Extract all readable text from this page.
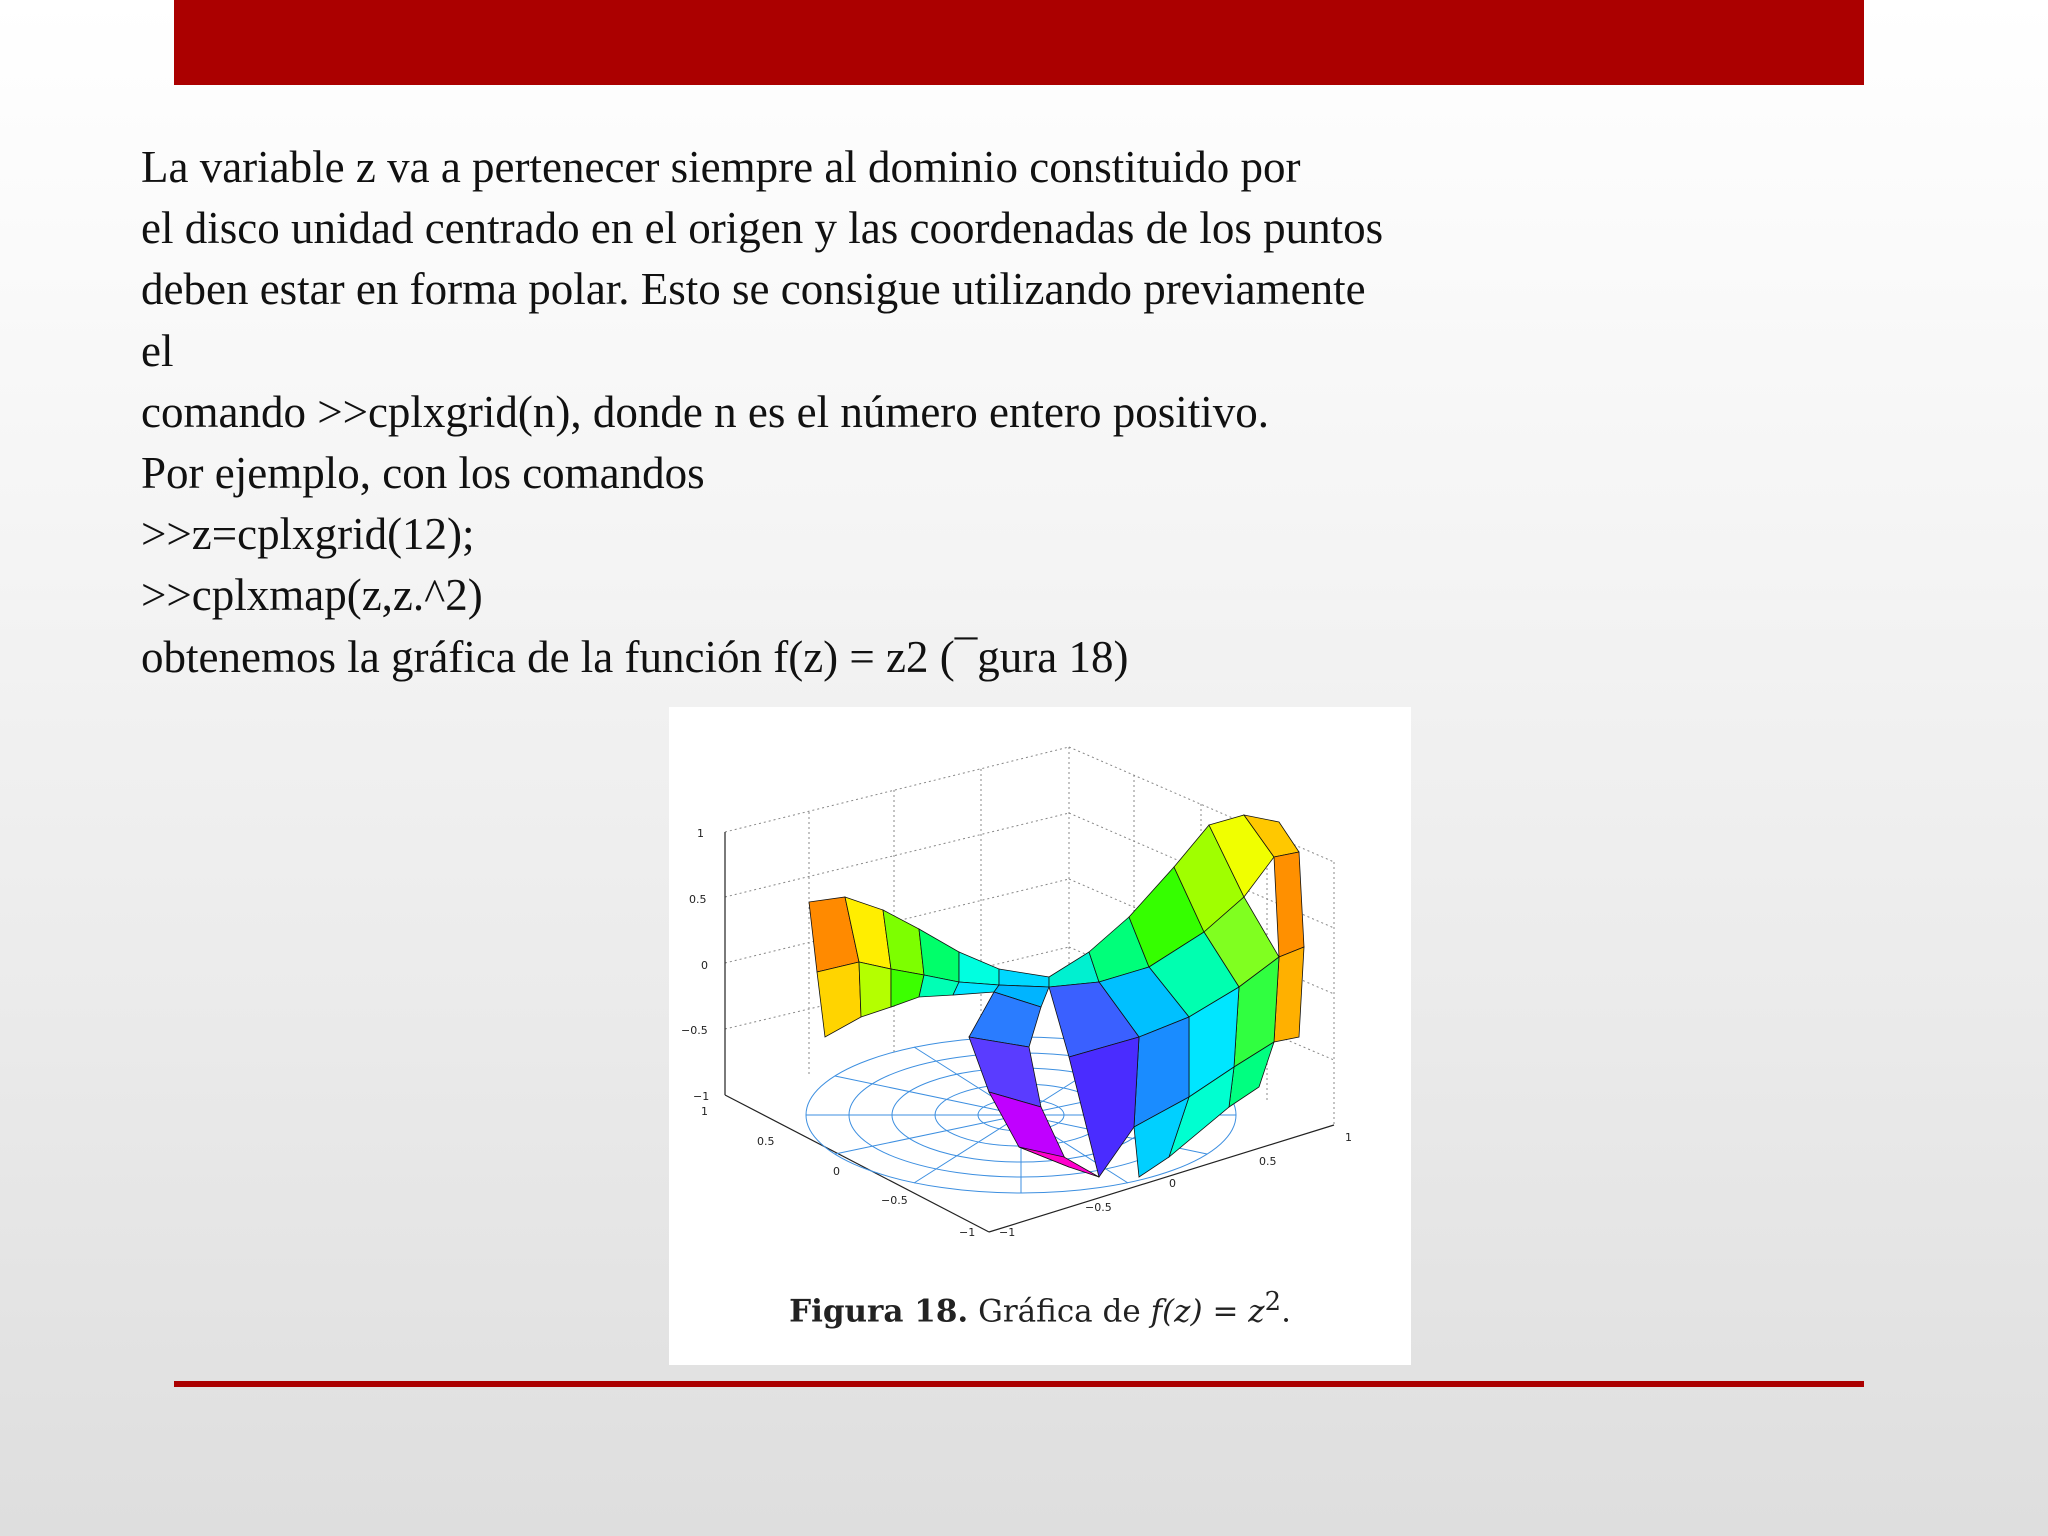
La variable z va a pertenecer siempre al dominio constituido por
el disco unidad centrado en el origen y las coordenadas de los puntos
deben estar en forma polar. Esto se consigue utilizando previamente
el
comando >>cplxgrid(n), donde n es el número entero positivo.
Por ejemplo, con los comandos
>>z=cplxgrid(12);
>>cplxmap(z,z.^2)
obtenemos la gráfica de la función f(z) = z2 (¯gura 18)
1
0.5
0
−0.5
−1
1
0.5
0
−0.5
−1 −1
−0.5
0
0.5
1
Figura 18. Gráfica de $f(z) = z^2$.
